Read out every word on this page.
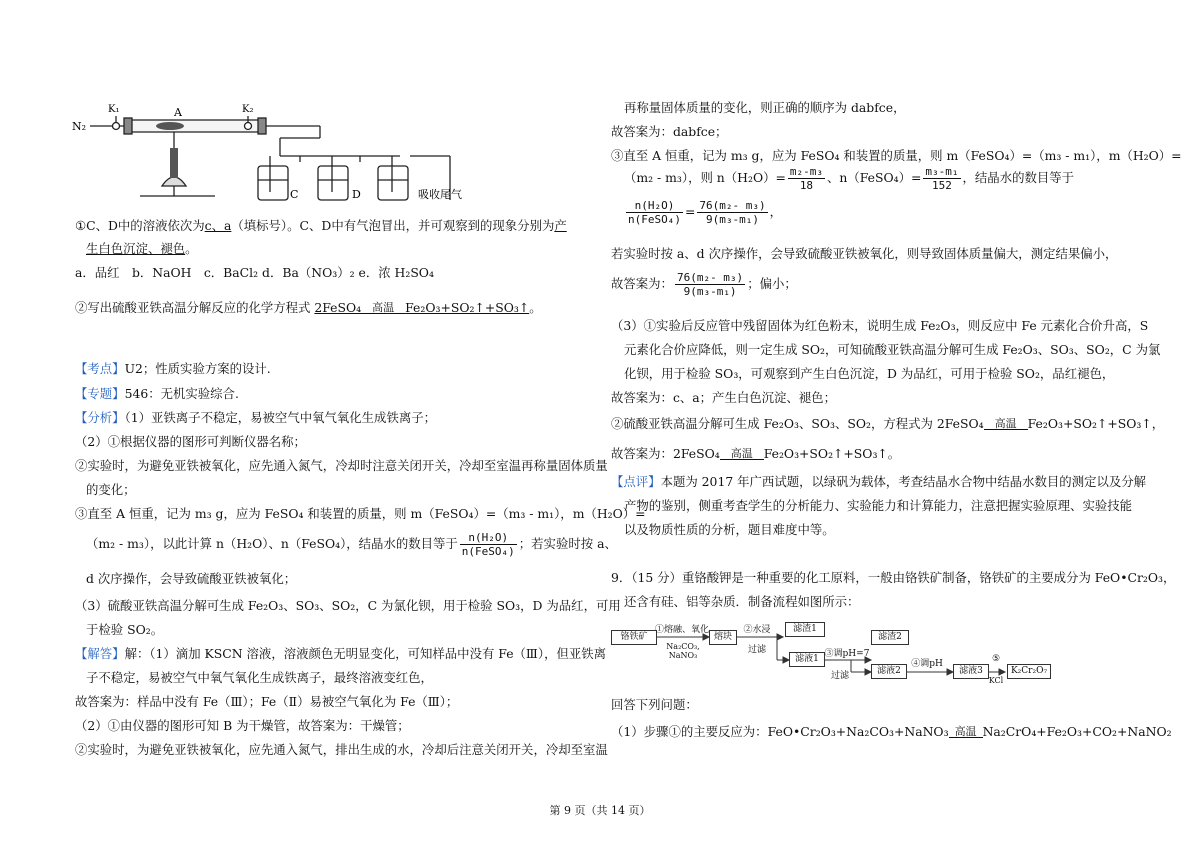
N₂
K₁	A	K₂
C	D	吸收尾气
①C、D中的溶液依次为c、a（填标号）。C、D中有气泡冒出，并可观察到的现象分别为产
生白色沉淀、褪色。
a．品红　b．NaOH　c．BaCl₂ d．Ba（NO₃）₂ e．浓 H₂SO₄
②写出硫酸亚铁高温分解反应的化学方程式 2FeSO₄	高温 Fe₂O₃+SO₂↑+SO₃↑。
【考点】U2；性质实验方案的设计.
【专题】546：无机实验综合.
【分析】（1）亚铁离子不稳定，易被空气中氧气氧化生成铁离子；
（2）①根据仪器的图形可判断仪器名称；
②实验时，为避免亚铁被氧化，应先通入氮气，冷却时注意关闭开关，冷却至室温再称量固体质量
的变化；
③直至 A 恒重，记为 m₃ g，应为 FeSO₄ 和装置的质量，则 m（FeSO₄）=（m₃ - m₁），m（H₂O）=
（m₂ - m₃），以此计算 n（H₂O）、n（FeSO₄），结晶水的数目等于 $\frac{\text{n(H₂O)}}{\text{n(FeSO₄)}}$ ；若实验时按 a、
d 次序操作，会导致硫酸亚铁被氧化；
（3）硫酸亚铁高温分解可生成 Fe₂O₃、SO₃、SO₂，C 为氯化钡，用于检验 SO₃，D 为品红，可用
于检验 SO₂。
【解答】解：（1）滴加 KSCN 溶液，溶液颜色无明显变化，可知样品中没有 Fe（Ⅲ），但亚铁离
子不稳定，易被空气中氧气氧化生成铁离子，最终溶液变红色，
故答案为：样品中没有 Fe（Ⅲ）；Fe（Ⅱ）易被空气氧化为 Fe（Ⅲ）；
（2）①由仪器的图形可知 B 为干燥管，故答案为：干燥管；
②实验时，为避免亚铁被氧化，应先通入氮气，排出生成的水，冷却后注意关闭开关，冷却至室温
再称量固体质量的变化，则正确的顺序为 dabfce，
故答案为：dabfce；
③直至 A 恒重，记为 m₃ g，应为 FeSO₄ 和装置的质量，则 m（FeSO₄）=（m₃ - m₁），m（H₂O）=
（m₂ - m₃），则 $n(H_2O)= \frac{\text{m₂-m₃}}{18}$ 、n（FeSO₄）= $\frac{\text{m₃-m₁}}{152}$ ，结晶水的数目等于
$\frac{\text{n(H₂O)}}{\text{n(FeSO₄)}} = \frac{\text{76(m₂- m₃)}}{\text{9(m₃-m₁)}}$ ，
若实验时按 a、d 次序操作，会导致硫酸亚铁被氧化，则导致固体质量偏大，测定结果偏小，
故答案为： $\frac{\text{76(m₂- m₃)}}{\text{9(m₃-m₁)}}$ ；偏小；
（3）①实验后反应管中残留固体为红色粉末，说明生成 Fe₂O₃，则反应中 Fe 元素化合价升高，S
元素化合价应降低，则一定生成 SO₂，可知硫酸亚铁高温分解可生成 Fe₂O₃、SO₃、SO₂，C 为氯
化钡，用于检验 SO₃，可观察到产生白色沉淀，D 为品红，可用于检验 SO₂，品红褪色，
故答案为：c、a；产生白色沉淀、褪色；
②硫酸亚铁高温分解可生成 Fe₂O₃、SO₃、SO₂，方程式为 2FeSO₄	高温 Fe₂O₃+SO₂↑+SO₃↑，
故答案为：2FeSO₄	高温 Fe₂O₃+SO₂↑+SO₃↑。
【点评】本题为 2017 年广西试题，以绿矾为载体，考查结晶水合物中结晶水数目的测定以及分解
产物的鉴别，侧重考查学生的分析能力、实验能力和计算能力，注意把握实验原理、实验技能
以及物质性质的分析，题目难度中等。
9．（15 分）重铬酸钾是一种重要的化工原料，一般由铬铁矿制备，铬铁矿的主要成分为 FeO•Cr₂O₃，
还含有硅、铝等杂质．制备流程如图所示：
铬铁矿
①熔融、氧化
Na₂CO₃, NaNO₃
熔块
②水浸
过滤
滤渣1
滤液1 ③调pH=7
过滤
滤渣2
滤液2
④调pH
滤液3
⑤
KCl
K₂Cr₂O₇
回答下列问题：
（1）步骤①的主要反应为：FeO•Cr₂O₃+Na₂CO₃+NaNO₃ 高温 Na₂CrO₄+Fe₂O₃+CO₂+NaNO₂
第 9 页（共 14 页）
